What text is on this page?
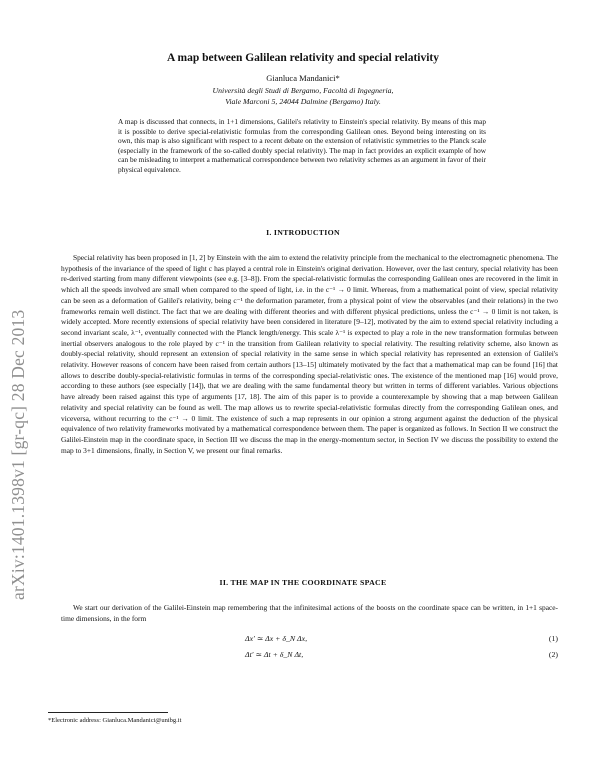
arXiv:1401.1398v1 [gr-qc] 28 Dec 2013
A map between Galilean relativity and special relativity
Gianluca Mandanici*
Università degli Studi di Bergamo, Facoltà di Ingegneria,
Viale Marconi 5, 24044 Dalmine (Bergamo) Italy.
A map is discussed that connects, in 1+1 dimensions, Galilei's relativity to Einstein's special relativity. By means of this map it is possible to derive special-relativistic formulas from the corresponding Galilean ones. Beyond being interesting on its own, this map is also significant with respect to a recent debate on the extension of relativistic symmetries to the Planck scale (especially in the framework of the so-called doubly special relativity). The map in fact provides an explicit example of how can be misleading to interpret a mathematical correspondence between two relativity schemes as an argument in favor of their physical equivalence.
I. INTRODUCTION
Special relativity has been proposed in [1, 2] by Einstein with the aim to extend the relativity principle from the mechanical to the electromagnetic phenomena. The hypothesis of the invariance of the speed of light c has played a central role in Einstein's original derivation. However, over the last century, special relativity has been re-derived starting from many different viewpoints (see e.g. [3–8]). From the special-relativistic formulas the corresponding Galilean ones are recovered in the limit in which all the speeds involved are small when compared to the speed of light, i.e. in the c⁻¹ → 0 limit. Whereas, from a mathematical point of view, special relativity can be seen as a deformation of Galilei's relativity, being c⁻¹ the deformation parameter, from a physical point of view the observables (and their relations) in the two frameworks remain well distinct. The fact that we are dealing with different theories and with different physical predictions, unless the c⁻¹ → 0 limit is not taken, is widely accepted. More recently extensions of special relativity have been considered in literature [9–12], motivated by the aim to extend special relativity including a second invariant scale, λ⁻¹, eventually connected with the Planck length/energy. This scale λ⁻¹ is expected to play a role in the new transformation formulas between inertial observers analogous to the role played by c⁻¹ in the transition from Galilean relativity to special relativity. The resulting relativity scheme, also known as doubly-special relativity, should represent an extension of special relativity in the same sense in which special relativity has represented an extension of Galilei's relativity. However reasons of concern have been raised from certain authors [13–15] ultimately motivated by the fact that a mathematical map can be found [16] that allows to describe doubly-special-relativistic formulas in terms of the corresponding special-relativistic ones. The existence of the mentioned map [16] would prove, according to these authors (see especially [14]), that we are dealing with the same fundamental theory but written in terms of different variables. Various objections have already been raised against this type of arguments [17, 18]. The aim of this paper is to provide a counterexample by showing that a map between Galilean relativity and special relativity can be found as well. The map allows us to rewrite special-relativistic formulas directly from the corresponding Galilean ones, and viceversa, without recurring to the c⁻¹ → 0 limit. The existence of such a map represents in our opinion a strong argument against the deduction of the physical equivalence of two relativity frameworks motivated by a mathematical correspondence between them. The paper is organized as follows. In Section II we construct the Galilei-Einstein map in the coordinate space, in Section III we discuss the map in the energy-momentum sector, in Section IV we discuss the possibility to extend the map to 3+1 dimensions, finally, in Section V, we present our final remarks.
II. THE MAP IN THE COORDINATE SPACE
We start our derivation of the Galilei-Einstein map remembering that the infinitesimal actions of the boosts on the coordinate space can be written, in 1+1 space-time dimensions, in the form
Δx′ ≃ Δx + δ_N Δx,	(1)
Δt′ ≃ Δt + δ_N Δt,	(2)
*Electronic address: Gianluca.Mandanici@unibg.it
